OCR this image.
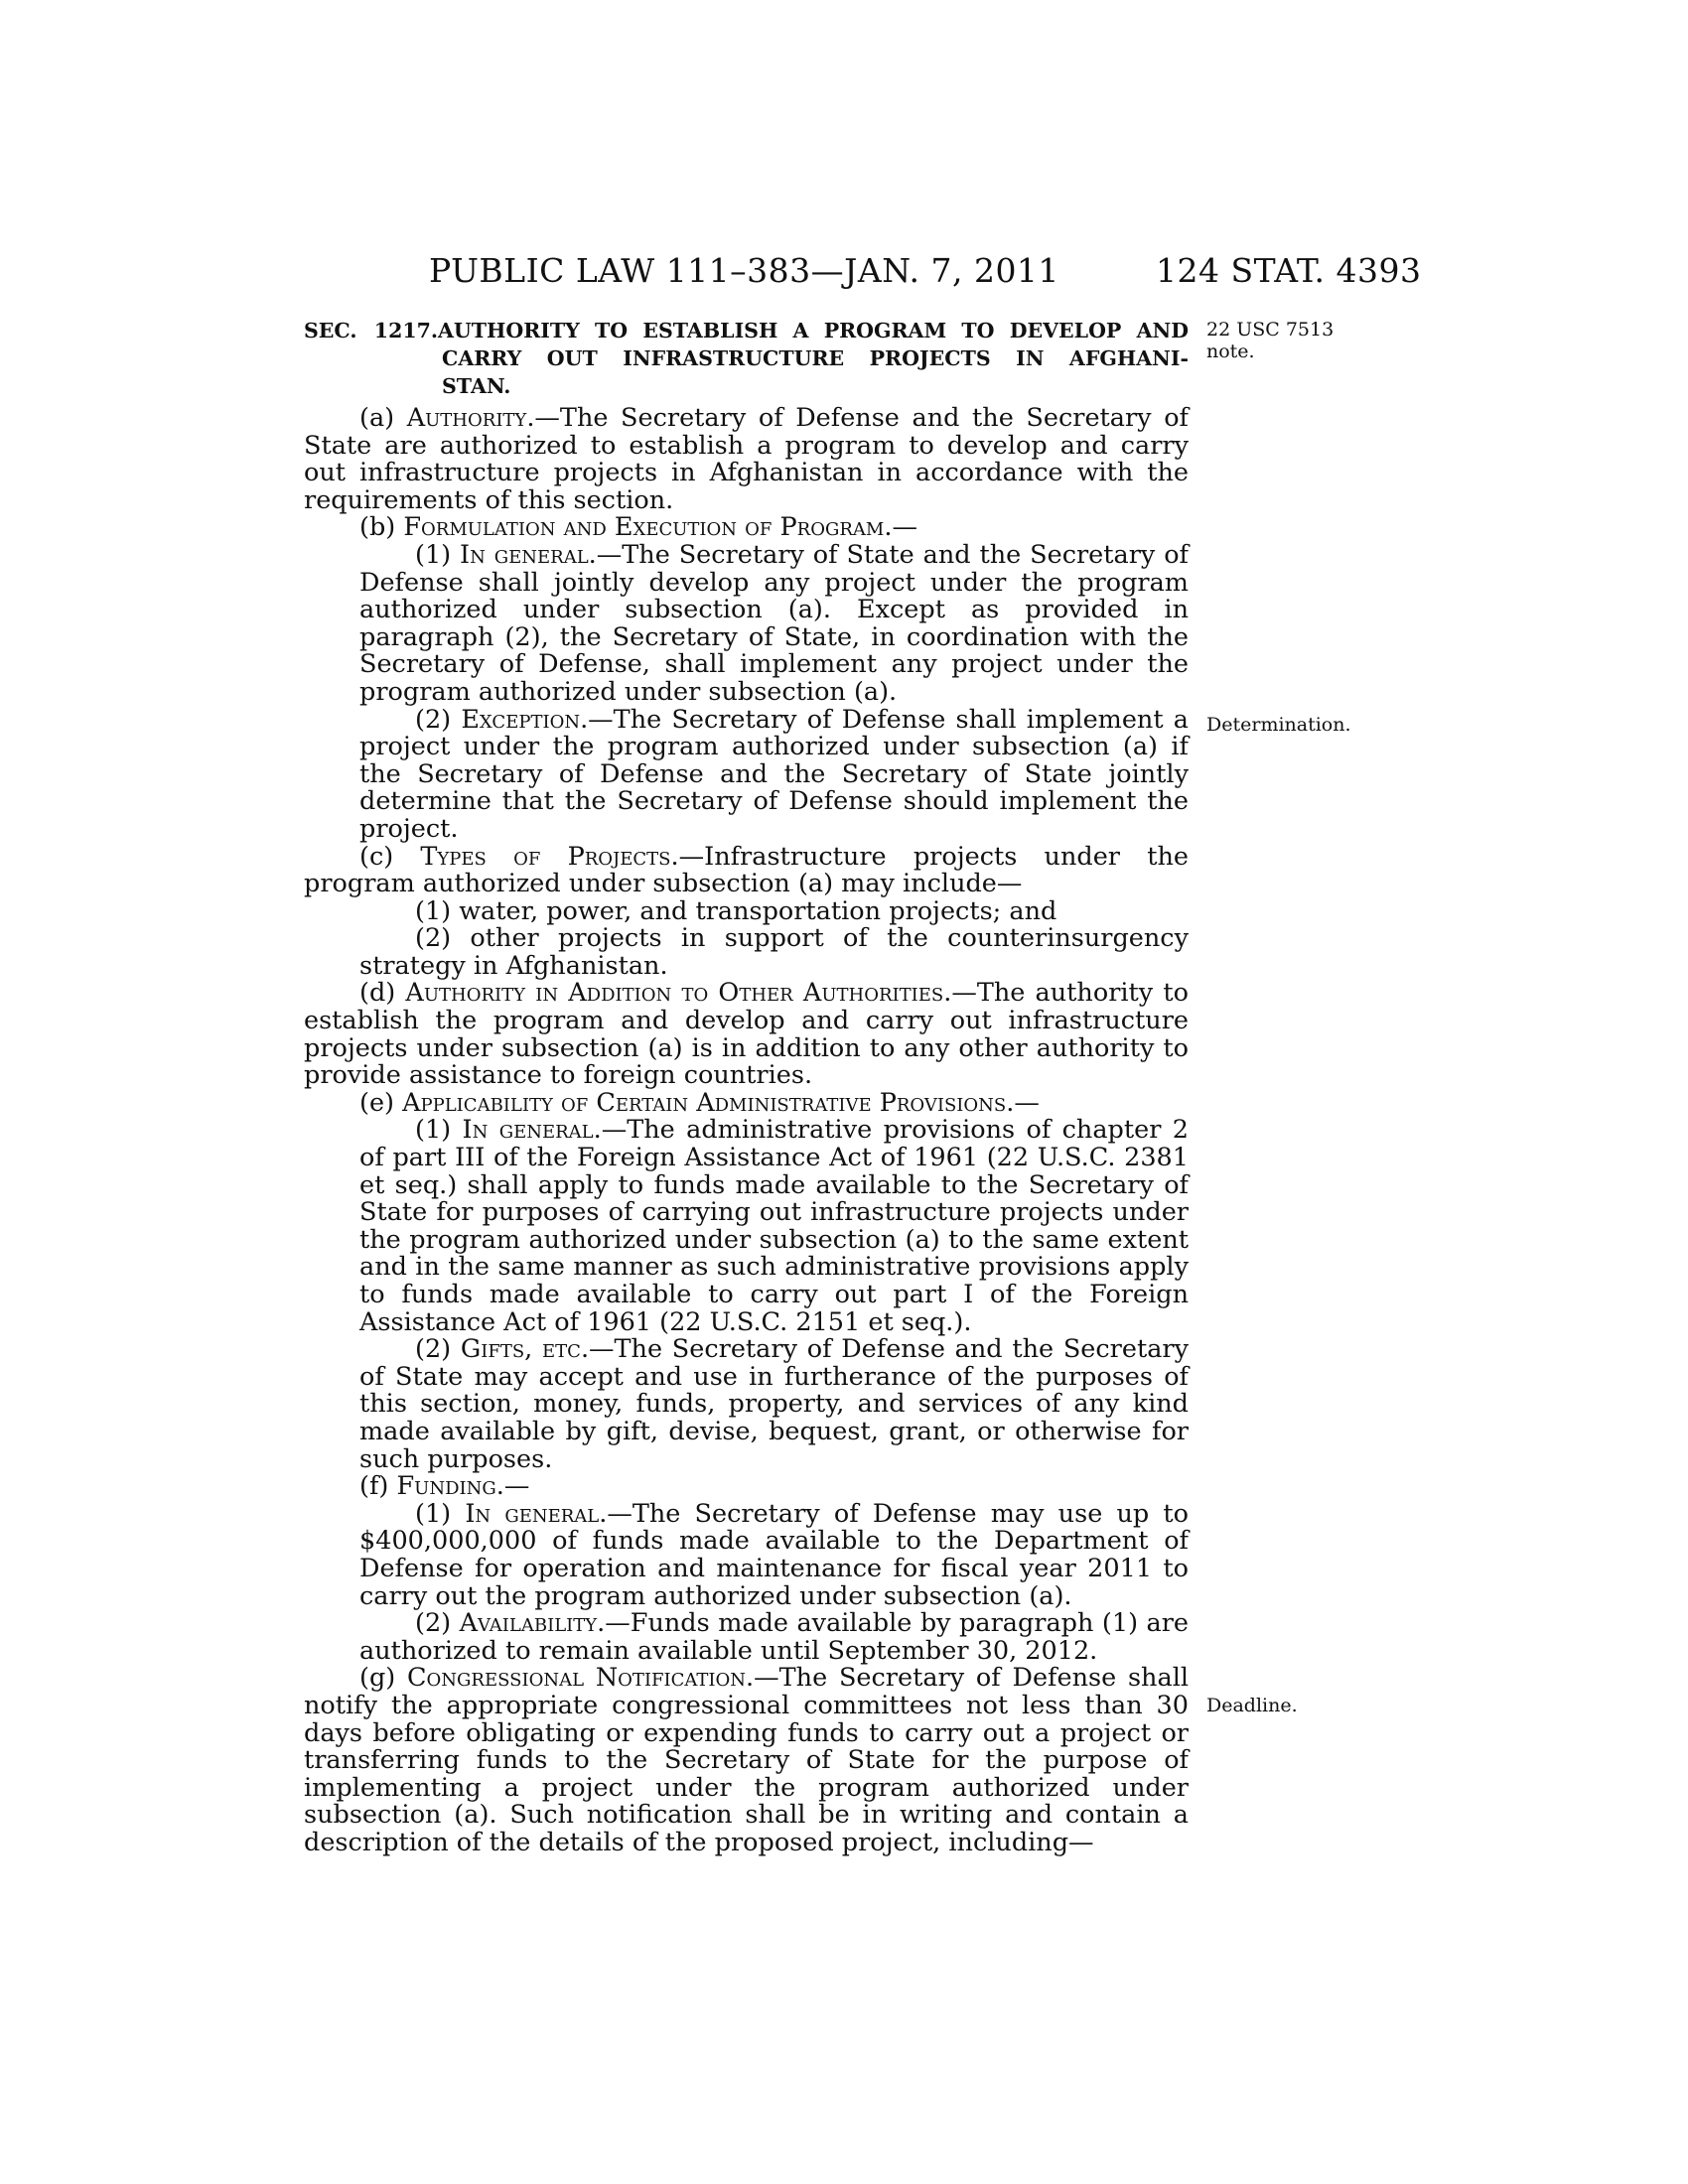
PUBLIC LAW 111–383—JAN. 7, 2011	124 STAT. 4393
SEC. 1217.AUTHORITY TO ESTABLISH A PROGRAM TO DEVELOP AND
CARRY OUT INFRASTRUCTURE PROJECTS IN AFGHANI-
STAN.
22 USC 7513
note.
Determination.
Deadline.

(a) Authority.—The Secretary of Defense and the Secretary of State are authorized to establish a program to develop and carry out infrastructure projects in Afghanistan in accordance with the requirements of this section.

(b) Formulation and Execution of Program.—

(1) In general.—The Secretary of State and the Secretary of Defense shall jointly develop any project under the program authorized under subsection (a). Except as provided in paragraph (2), the Secretary of State, in coordination with the Secretary of Defense, shall implement any project under the program authorized under subsection (a).

(2) Exception.—The Secretary of Defense shall implement a project under the program authorized under subsection (a) if the Secretary of Defense and the Secretary of State jointly determine that the Secretary of Defense should implement the project.

(c) Types of Projects.—Infrastructure projects under the program authorized under subsection (a) may include—

(1) water, power, and transportation projects; and

(2) other projects in support of the counterinsurgency strategy in Afghanistan.

(d) Authority in Addition to Other Authorities.—The authority to establish the program and develop and carry out infrastructure projects under subsection (a) is in addition to any other authority to provide assistance to foreign countries.

(e) Applicability of Certain Administrative Provisions.—

(1) In general.—The administrative provisions of chapter 2 of part III of the Foreign Assistance Act of 1961 (22 U.S.C. 2381 et seq.) shall apply to funds made available to the Secretary of State for purposes of carrying out infrastructure projects under the program authorized under subsection (a) to the same extent and in the same manner as such administrative provisions apply to funds made available to carry out part I of the Foreign Assistance Act of 1961 (22 U.S.C. 2151 et seq.).

(2) Gifts, etc.—The Secretary of Defense and the Secretary of State may accept and use in furtherance of the purposes of this section, money, funds, property, and services of any kind made available by gift, devise, bequest, grant, or otherwise for such purposes.

(f) Funding.—

(1) In general.—The Secretary of Defense may use up to $400,000,000 of funds made available to the Department of Defense for operation and maintenance for fiscal year 2011 to carry out the program authorized under subsection (a).

(2) Availability.—Funds made available by paragraph (1) are authorized to remain available until September 30, 2012.

(g) Congressional Notification.—The Secretary of Defense shall notify the appropriate congressional committees not less than 30 days before obligating or expending funds to carry out a project or transferring funds to the Secretary of State for the purpose of implementing a project under the program authorized under subsection (a). Such notification shall be in writing and contain a description of the details of the proposed project, including—
